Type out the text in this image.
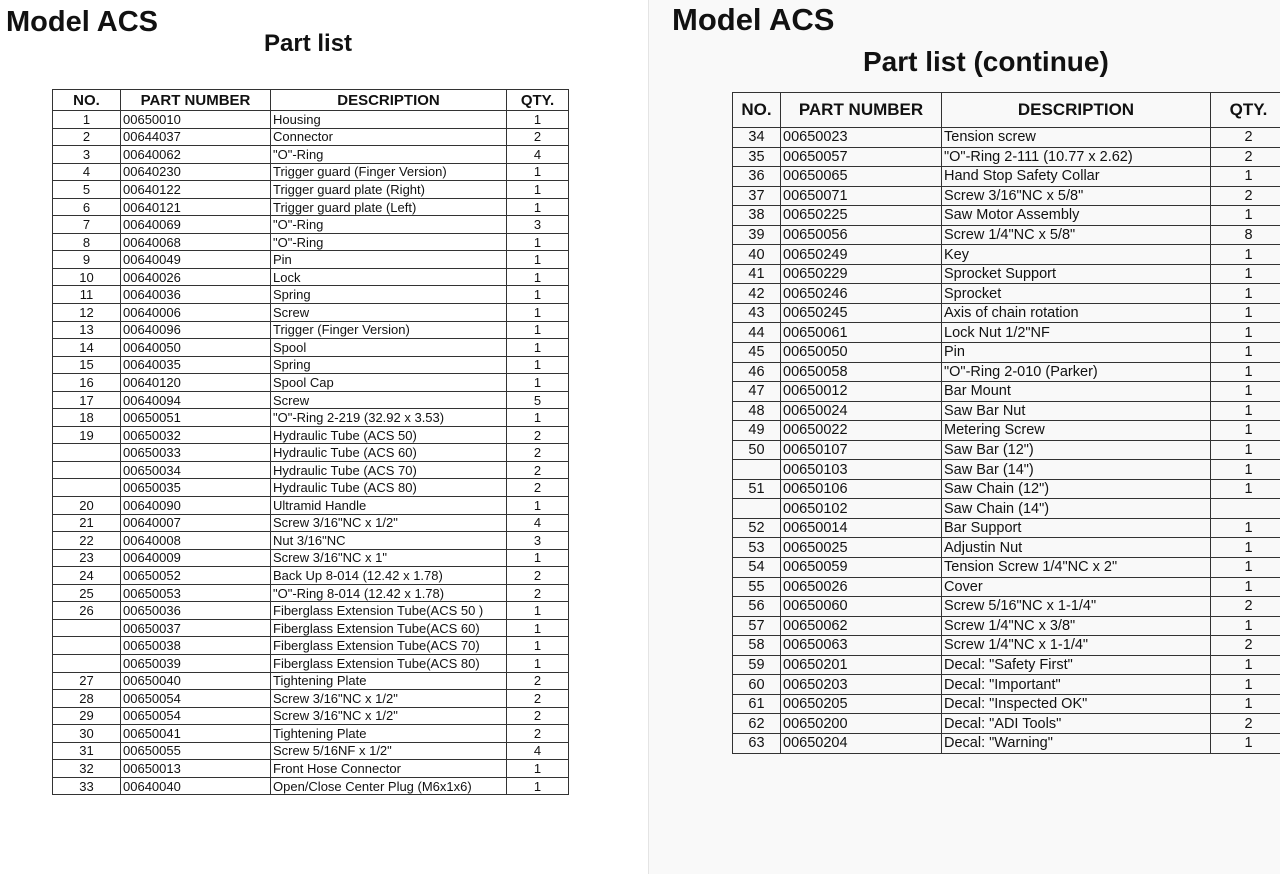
Model ACS
Part list
NO.	PART NUMBER	DESCRIPTION	QTY.
1	00650010	Housing	1
2	00644037	Connector	2
3	00640062	"O"-Ring	4
4	00640230	Trigger guard (Finger Version)	1
5	00640122	Trigger guard plate (Right)	1
6	00640121	Trigger guard plate (Left)	1
7	00640069	"O"-Ring	3
8	00640068	"O"-Ring	1
9	00640049	Pin	1
10	00640026	Lock	1
11	00640036	Spring	1
12	00640006	Screw	1
13	00640096	Trigger (Finger Version)	1
14	00640050	Spool	1
15	00640035	Spring	1
16	00640120	Spool Cap	1
17	00640094	Screw	5
18	00650051	"O"-Ring 2-219 (32.92 x 3.53)	1
19	00650032	Hydraulic Tube (ACS 50)	2
	00650033	Hydraulic Tube (ACS 60)	2
	00650034	Hydraulic Tube (ACS 70)	2
	00650035	Hydraulic Tube (ACS 80)	2
20	00640090	Ultramid Handle	1
21	00640007	Screw 3/16"NC x 1/2"	4
22	00640008	Nut 3/16"NC	3
23	00640009	Screw 3/16"NC x 1"	1
24	00650052	Back Up 8-014 (12.42 x 1.78)	2
25	00650053	"O"-Ring 8-014 (12.42 x 1.78)	2
26	00650036	Fiberglass Extension Tube(ACS 50 )	1
	00650037	Fiberglass Extension Tube(ACS 60)	1
	00650038	Fiberglass Extension Tube(ACS 70)	1
	00650039	Fiberglass Extension Tube(ACS 80)	1
27	00650040	Tightening Plate	2
28	00650054	Screw 3/16"NC x 1/2"	2
29	00650054	Screw 3/16"NC x 1/2"	2
30	00650041	Tightening Plate	2
31	00650055	Screw 5/16NF x 1/2"	4
32	00650013	Front Hose Connector	1
33	00640040	Open/Close Center Plug (M6x1x6)	1
Model ACS
Part list (continue)
NO.	PART NUMBER	DESCRIPTION	QTY.
34	00650023	Tension screw	2
35	00650057	"O"-Ring 2-111 (10.77 x 2.62)	2
36	00650065	Hand Stop Safety Collar	1
37	00650071	Screw 3/16"NC x 5/8"	2
38	00650225	Saw Motor Assembly	1
39	00650056	Screw 1/4"NC x 5/8"	8
40	00650249	Key	1
41	00650229	Sprocket Support	1
42	00650246	Sprocket	1
43	00650245	Axis of chain rotation	1
44	00650061	Lock Nut 1/2"NF	1
45	00650050	Pin	1
46	00650058	"O"-Ring 2-010 (Parker)	1
47	00650012	Bar Mount	1
48	00650024	Saw Bar Nut	1
49	00650022	Metering Screw	1
50	00650107	Saw Bar (12")	1
	00650103	Saw Bar (14")	1
51	00650106	Saw Chain (12")	1
	00650102	Saw Chain (14")	
52	00650014	Bar Support	1
53	00650025	Adjustin Nut	1
54	00650059	Tension Screw 1/4"NC x 2"	1
55	00650026	Cover	1
56	00650060	Screw 5/16"NC x 1-1/4"	2
57	00650062	Screw 1/4"NC x 3/8"	1
58	00650063	Screw 1/4"NC x 1-1/4"	2
59	00650201	Decal: "Safety First"	1
60	00650203	Decal: "Important"	1
61	00650205	Decal: "Inspected OK"	1
62	00650200	Decal: "ADI Tools"	2
63	00650204	Decal: "Warning"	1
